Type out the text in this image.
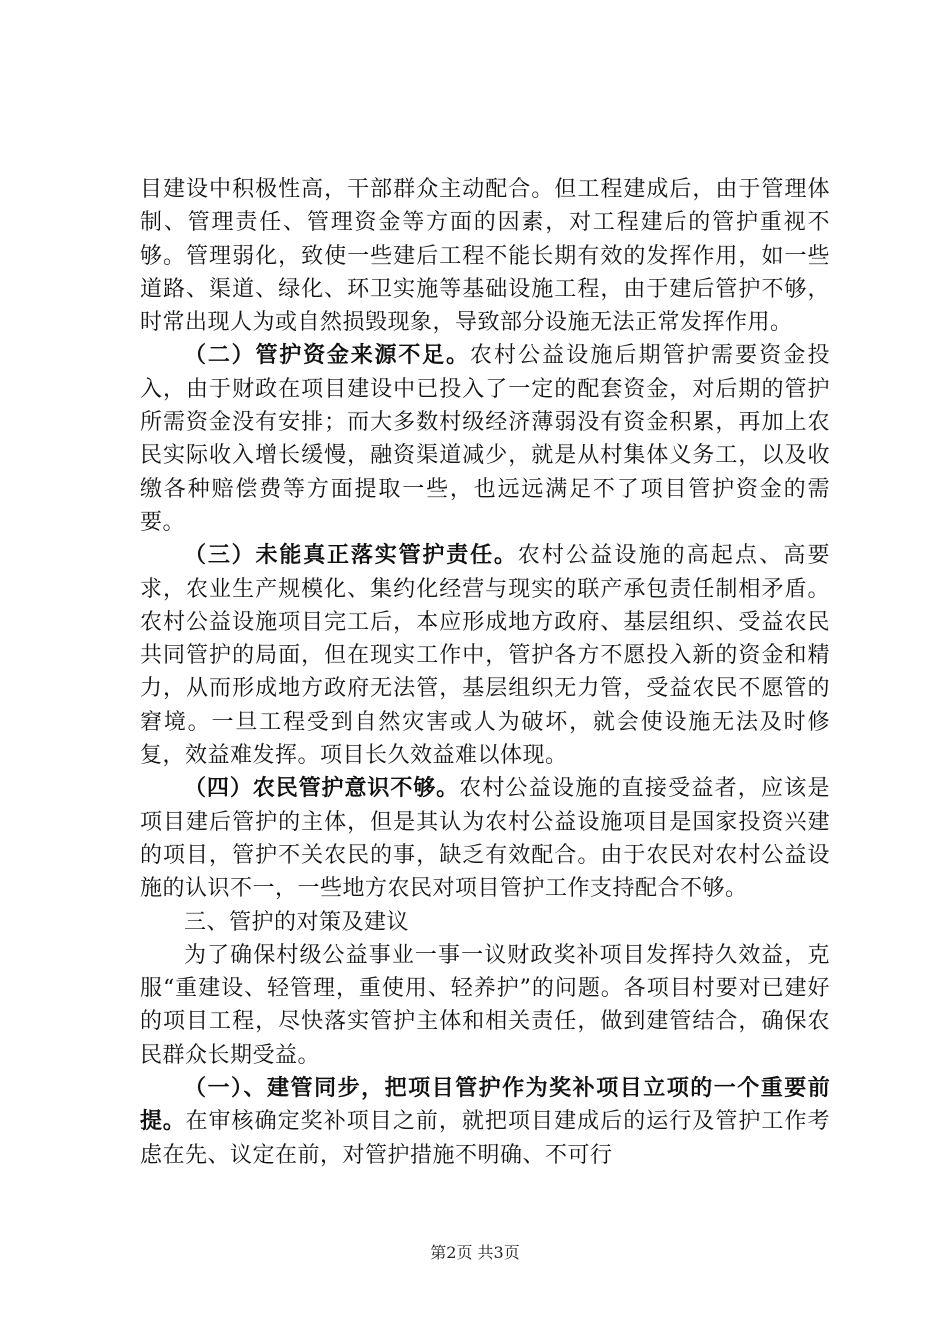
目建设中积极性高，干部群众主动配合。但工程建成后，由于管理体制、管理责任、管理资金等方面的因素，对工程建后的管护重视不够。管理弱化，致使一些建后工程不能长期有效的发挥作用，如一些道路、渠道、绿化、环卫实施等基础设施工程，由于建后管护不够，时常出现人为或自然损毁现象，导致部分设施无法正常发挥作用。

（二）管护资金来源不足。农村公益设施后期管护需要资金投入，由于财政在项目建设中已投入了一定的配套资金，对后期的管护所需资金没有安排；而大多数村级经济薄弱没有资金积累，再加上农民实际收入增长缓慢，融资渠道减少，就是从村集体义务工，以及收缴各种赔偿费等方面提取一些，也远远满足不了项目管护资金的需要。

（三）未能真正落实管护责任。农村公益设施的高起点、高要求，农业生产规模化、集约化经营与现实的联产承包责任制相矛盾。农村公益设施项目完工后，本应形成地方政府、基层组织、受益农民共同管护的局面，但在现实工作中，管护各方不愿投入新的资金和精力，从而形成地方政府无法管，基层组织无力管，受益农民不愿管的窘境。一旦工程受到自然灾害或人为破坏，就会使设施无法及时修复，效益难发挥。项目长久效益难以体现。

（四）农民管护意识不够。农村公益设施的直接受益者，应该是项目建后管护的主体，但是其认为农村公益设施项目是国家投资兴建的项目，管护不关农民的事，缺乏有效配合。由于农民对农村公益设施的认识不一，一些地方农民对项目管护工作支持配合不够。

三、管护的对策及建议

为了确保村级公益事业一事一议财政奖补项目发挥持久效益，克服“重建设、轻管理，重使用、轻养护”的问题。各项目村要对已建好的项目工程，尽快落实管护主体和相关责任，做到建管结合，确保农民群众长期受益。

（一）、建管同步，把项目管护作为奖补项目立项的一个重要前提。在审核确定奖补项目之前，就把项目建成后的运行及管护工作考虑在先、议定在前，对管护措施不明确、不可行

第2页 共3页
